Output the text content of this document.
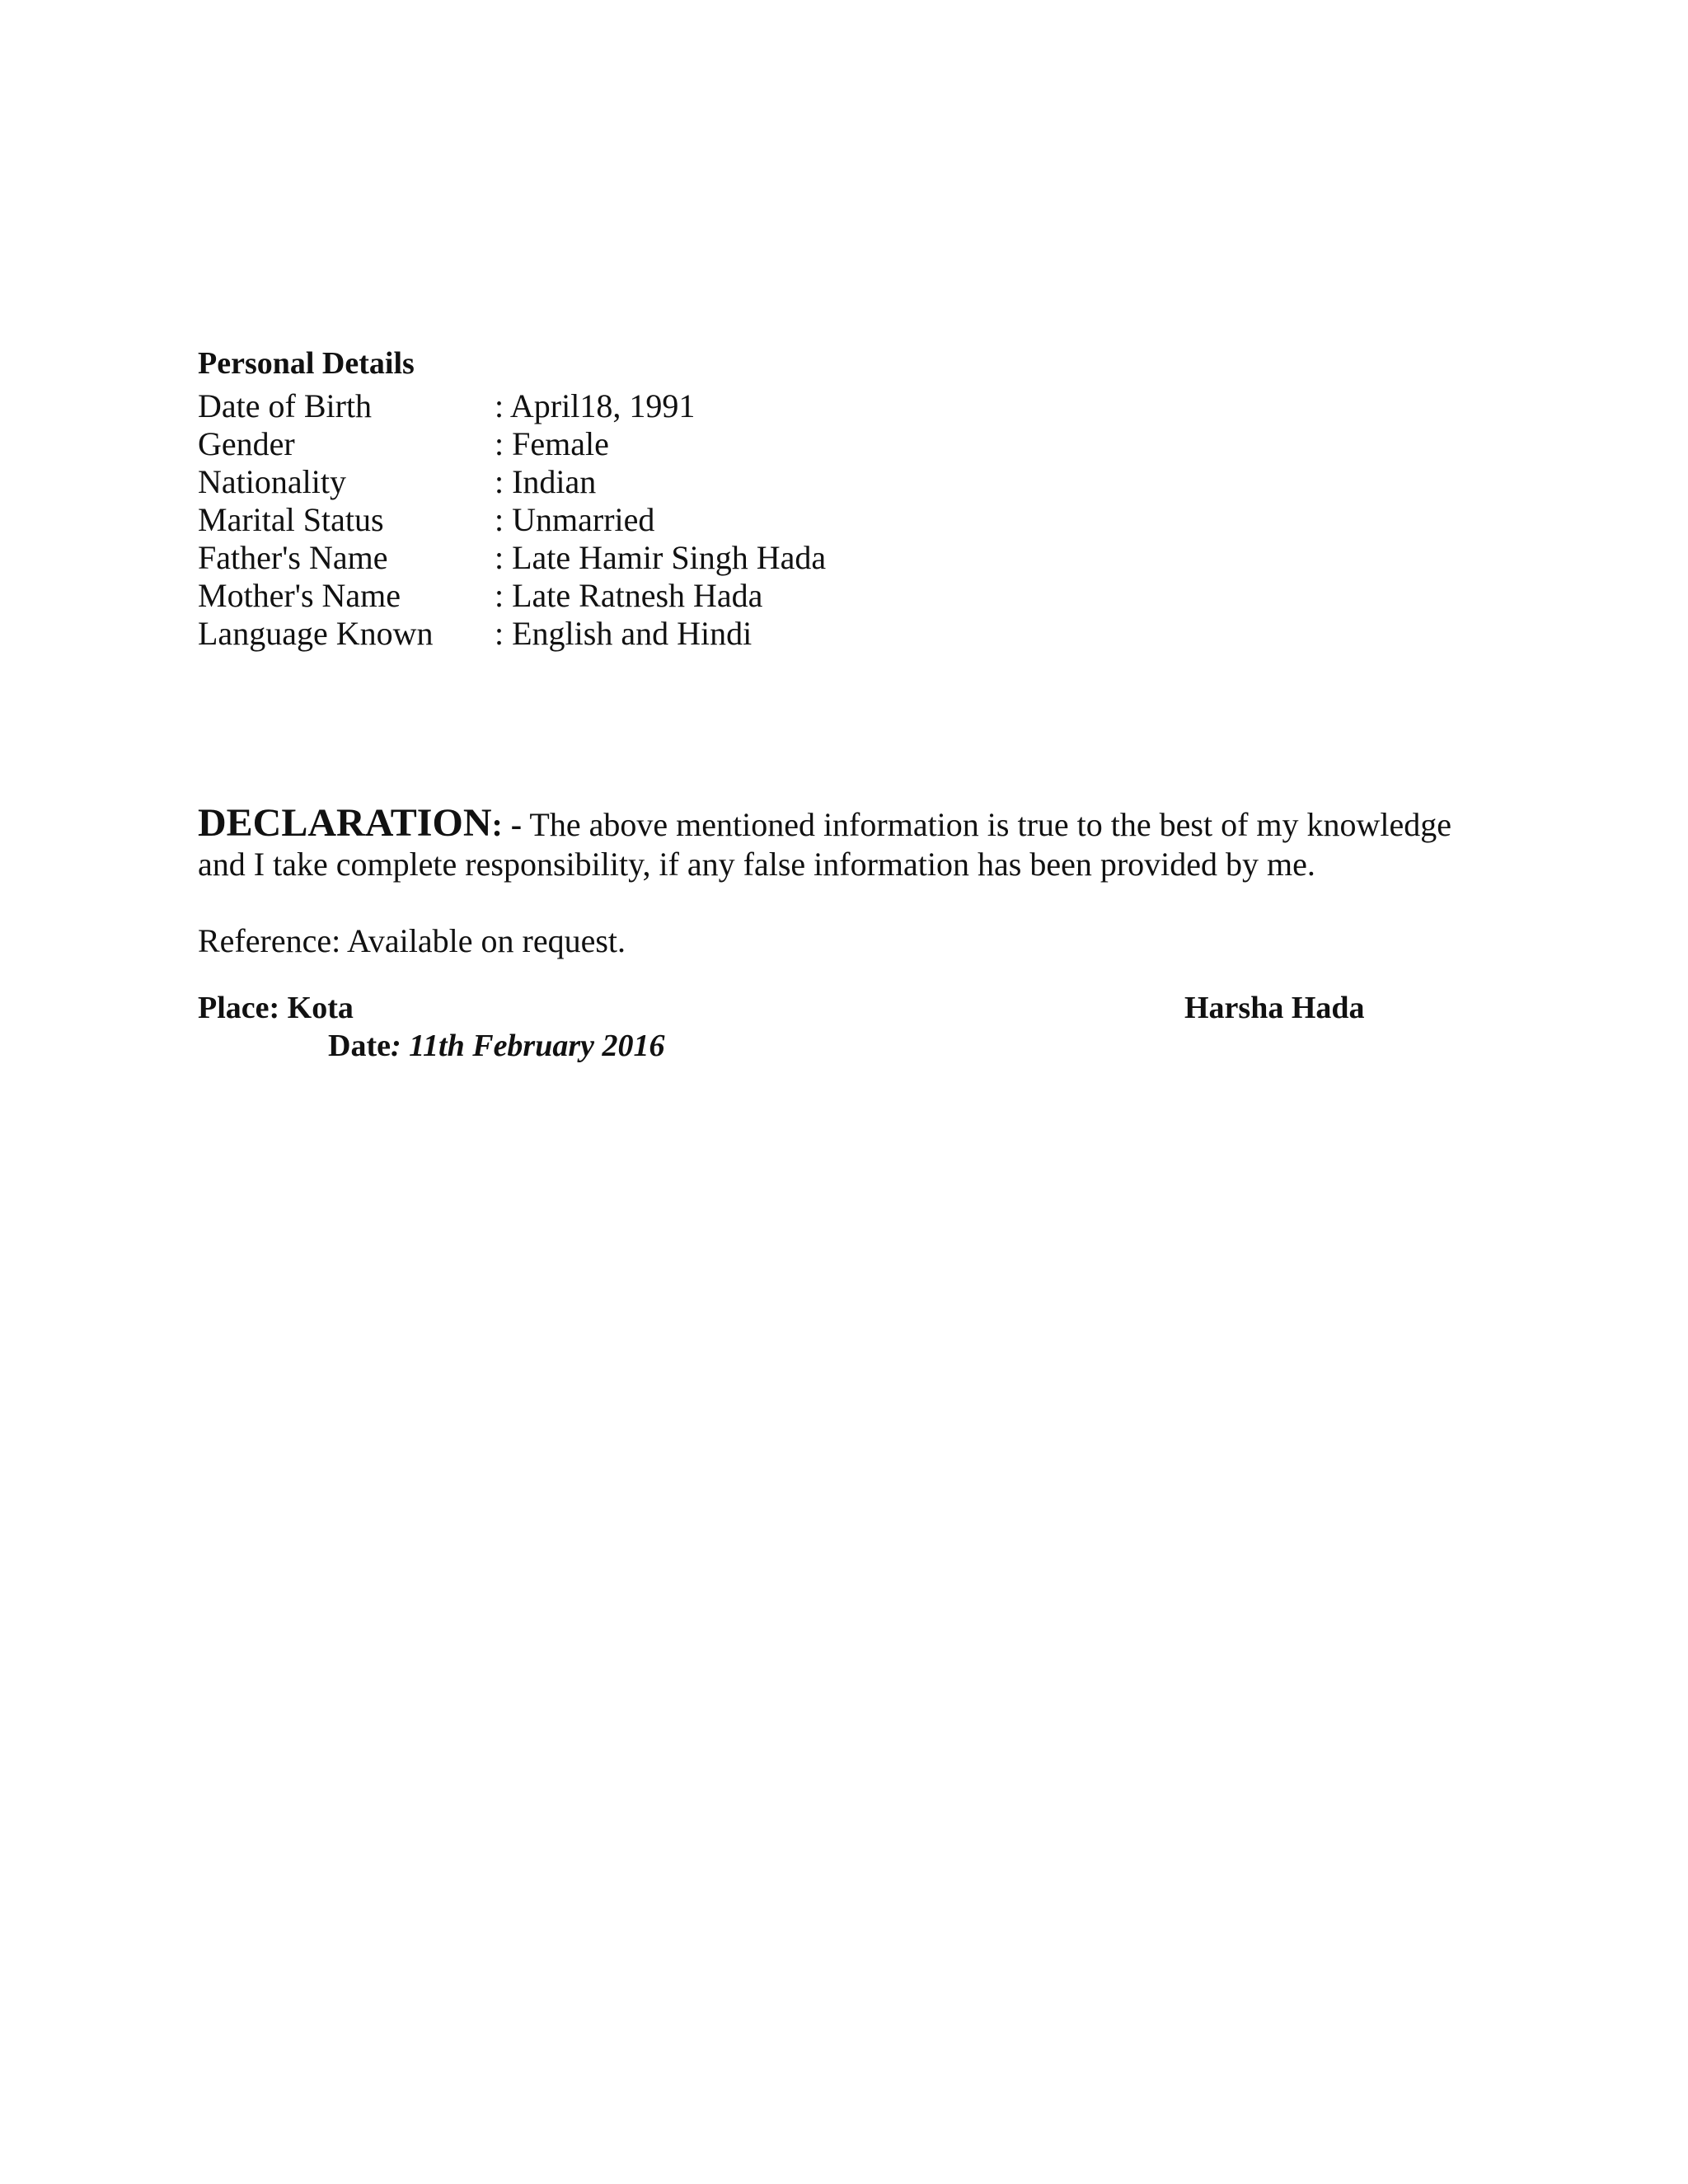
Personal Details
Date of Birth	: April18, 1991
Gender	: Female
Nationality	: Indian
Marital Status	: Unmarried
Father's Name	: Late Hamir Singh Hada
Mother's Name	: Late Ratnesh Hada
Language Known	: English and Hindi
DECLARATION: - The above mentioned information is true to the best of my knowledge and I take complete responsibility, if any false information has been provided by me.
Reference: Available on request.
Place: Kota	Harsha Hada
Date: 11th February 2016
